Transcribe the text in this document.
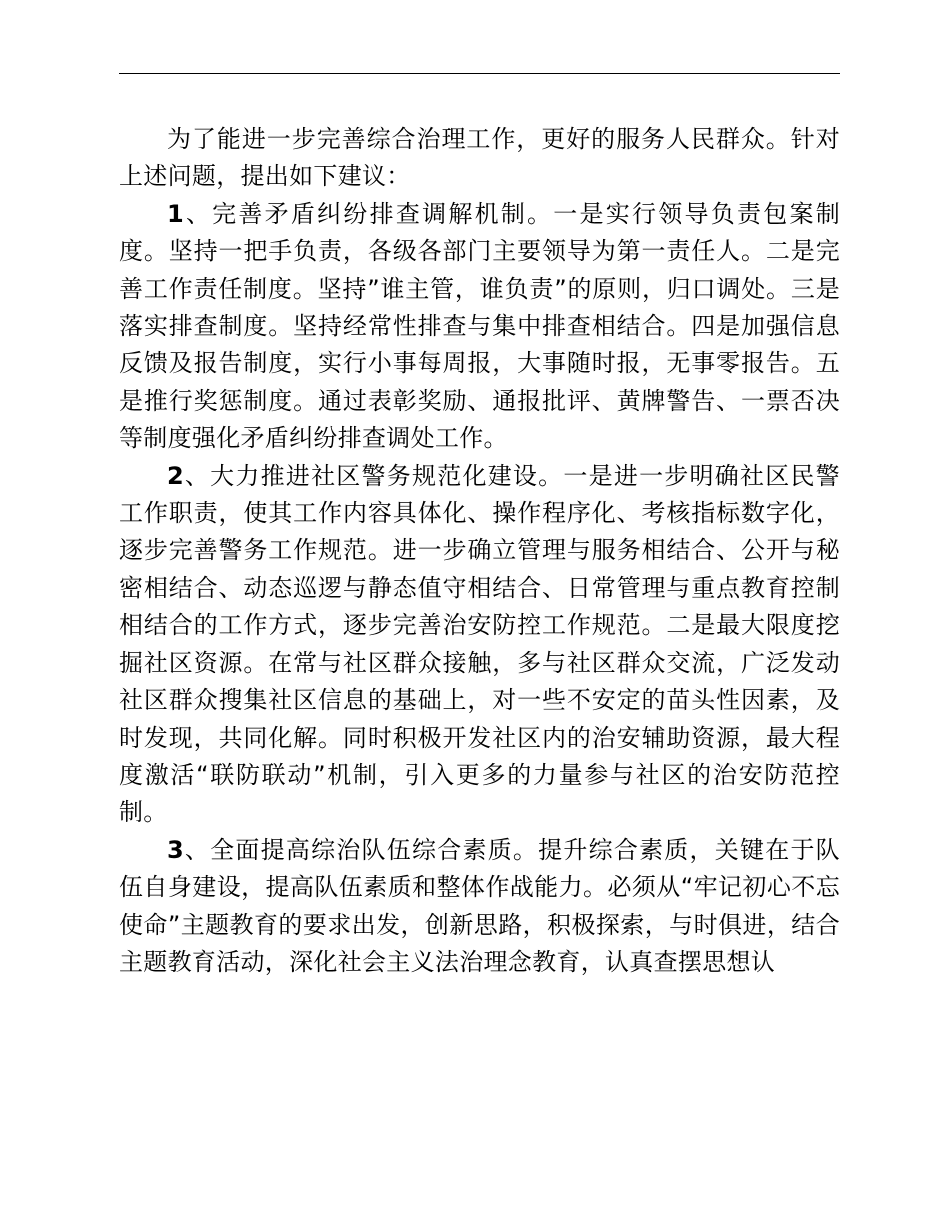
为了能进一步完善综合治理工作，更好的服务人民群众。针对上述问题，提出如下建议：

1、完善矛盾纠纷排查调解机制。一是实行领导负责包案制度。坚持一把手负责，各级各部门主要领导为第一责任人。二是完善工作责任制度。坚持”谁主管，谁负责”的原则，归口调处。三是落实排查制度。坚持经常性排查与集中排查相结合。四是加强信息反馈及报告制度，实行小事每周报，大事随时报，无事零报告。五是推行奖惩制度。通过表彰奖励、通报批评、黄牌警告、一票否决等制度强化矛盾纠纷排查调处工作。

2、大力推进社区警务规范化建设。一是进一步明确社区民警工作职责，使其工作内容具体化、操作程序化、考核指标数字化，逐步完善警务工作规范。进一步确立管理与服务相结合、公开与秘密相结合、动态巡逻与静态值守相结合、日常管理与重点教育控制相结合的工作方式，逐步完善治安防控工作规范。二是最大限度挖掘社区资源。在常与社区群众接触，多与社区群众交流，广泛发动社区群众搜集社区信息的基础上，对一些不安定的苗头性因素，及时发现，共同化解。同时积极开发社区内的治安辅助资源，最大程度激活“联防联动”机制，引入更多的力量参与社区的治安防范控制。

3、全面提高综治队伍综合素质。提升综合素质，关键在于队伍自身建设，提高队伍素质和整体作战能力。必须从“牢记初心不忘使命”主题教育的要求出发，创新思路，积极探索，与时俱进，结合主题教育活动，深化社会主义法治理念教育，认真查摆思想认
